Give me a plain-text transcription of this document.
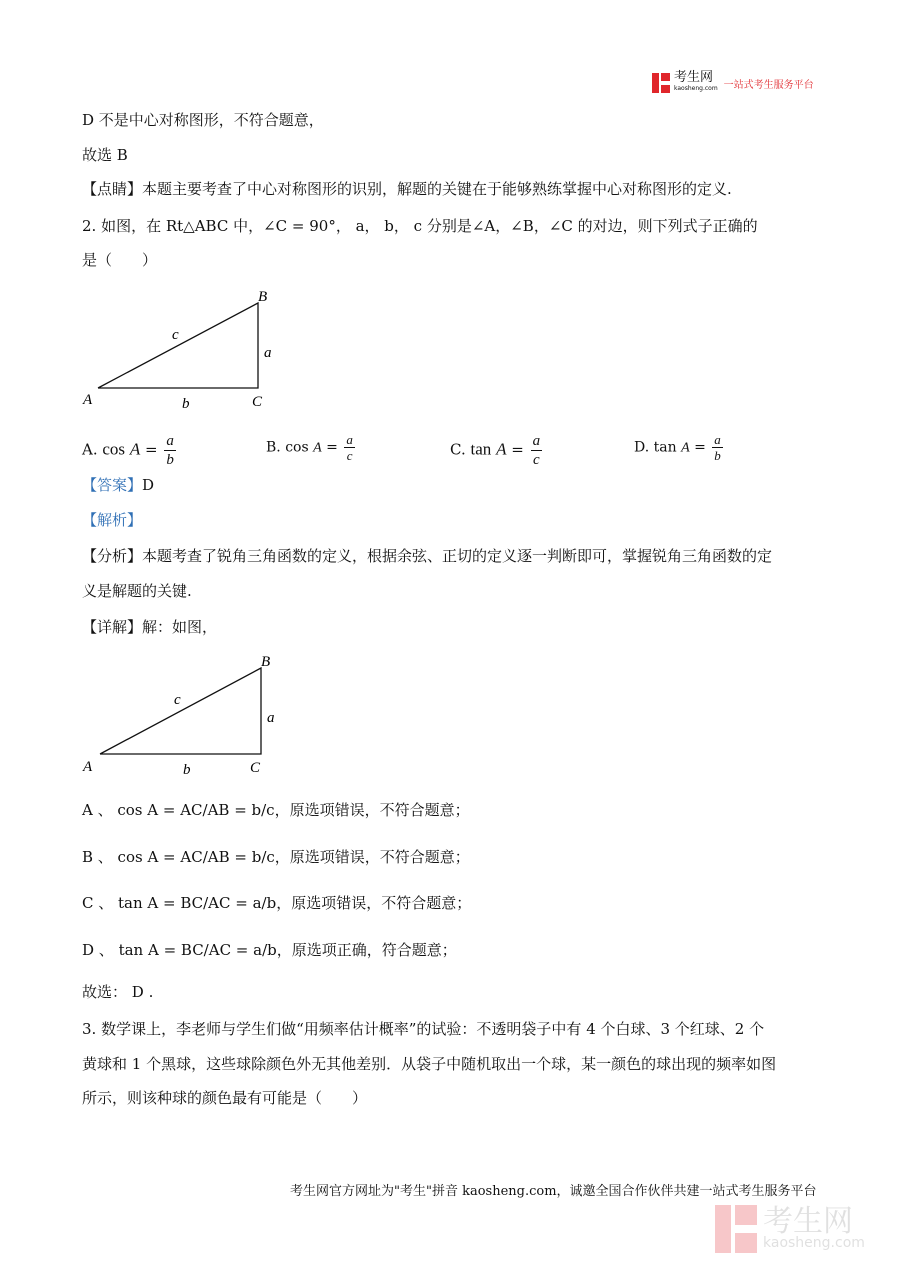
考生网
kaosheng.com 一站式考生服务平台
D 不是中心对称图形，不符合题意，
故选 B
【点睛】本题主要考查了中心对称图形的识别，解题的关键在于能够熟练掌握中心对称图形的定义.
2. 如图，在 Rt△ABC 中，∠C = 90°， a， b， c 分别是∠A，∠B，∠C 的对边，则下列式子正确的
是（　　）
A
B
C
a
b
c
A. $\cos A = \frac{a}{b}$	B. $\cos A = \frac{a}{c}$	C. $\tan A = \frac{a}{c}$	D. $\tan A = \frac{a}{b}$
【答案】D
【解析】
【分析】本题考查了锐角三角函数的定义，根据余弦、正切的定义逐一判断即可，掌握锐角三角函数的定
义是解题的关键.
【详解】解：如图，
A
B
C
a
b
c
A 、 cos A = AC/AB = b/c，原选项错误，不符合题意；
B 、 cos A = AC/AB = b/c，原选项错误，不符合题意；
C 、 tan A = BC/AC = a/b，原选项错误，不符合题意；
D 、 tan A = BC/AC = a/b，原选项正确，符合题意；
故选： D .
3. 数学课上，李老师与学生们做“用频率估计概率”的试验：不透明袋子中有 4 个白球、3 个红球、2 个
黄球和 1 个黑球，这些球除颜色外无其他差别．从袋子中随机取出一个球，某一颜色的球出现的频率如图
所示，则该种球的颜色最有可能是（　　）
考生网官方网址为"考生"拼音 kaosheng.com，诚邀全国合作伙伴共建一站式考生服务平台
考生网
kaosheng.com
